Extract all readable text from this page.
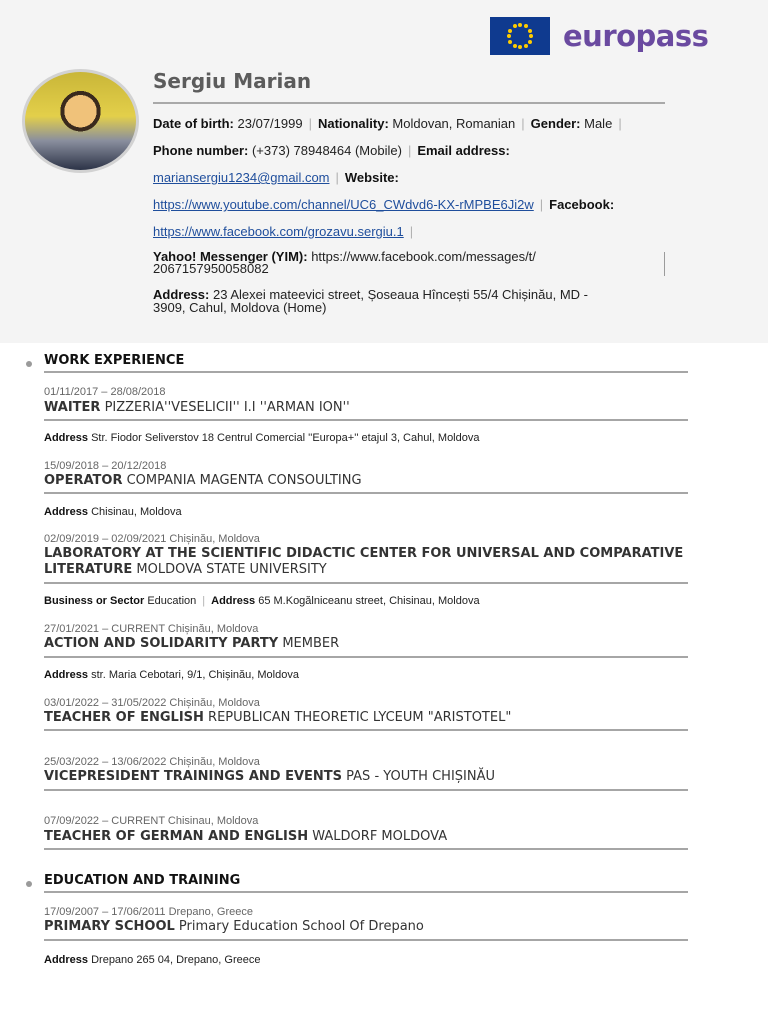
europass
Sergiu Marian
Date of birth: 23/07/1999 | Nationality: Moldovan, Romanian | Gender: Male |
Phone number: (+373) 78948464 (Mobile) | Email address:
mariansergiu1234@gmail.com | Website:
https://www.youtube.com/channel/UC6_CWdvd6-KX-rMPBE6Ji2w | Facebook:
https://www.facebook.com/grozavu.sergiu.1 |
Yahoo! Messenger (YIM): https://www.facebook.com/messages/t/
2067157950058082
Address: 23 Alexei mateevici street, Șoseaua Hîncești 55/4 Chișinău, MD -
3909, Cahul, Moldova (Home)
WORK EXPERIENCE
01/11/2017 – 28/08/2018
WAITER PIZZERIA''VESELICII'' I.I ''ARMAN ION''
Address Str. Fiodor Seliverstov 18 Centrul Comercial ''Europa+'' etajul 3, Cahul, Moldova
15/09/2018 – 20/12/2018
OPERATOR COMPANIA MAGENTA CONSOULTING
Address Chisinau, Moldova
02/09/2019 – 02/09/2021 Chișinău, Moldova
LABORATORY AT THE SCIENTIFIC DIDACTIC CENTER FOR UNIVERSAL AND COMPARATIVE
LITERATURE MOLDOVA STATE UNIVERSITY
Business or Sector Education | Address 65 M.Kogălniceanu street, Chisinau, Moldova
27/01/2021 – CURRENT Chișinău, Moldova
ACTION AND SOLIDARITY PARTY MEMBER
Address str. Maria Cebotari, 9/1, Chișinău, Moldova
03/01/2022 – 31/05/2022 Chișinău, Moldova
TEACHER OF ENGLISH REPUBLICAN THEORETIC LYCEUM "ARISTOTEL"
25/03/2022 – 13/06/2022 Chișinău, Moldova
VICEPRESIDENT TRAININGS AND EVENTS PAS - YOUTH CHIȘINĂU
07/09/2022 – CURRENT Chisinau, Moldova
TEACHER OF GERMAN AND ENGLISH WALDORF MOLDOVA
EDUCATION AND TRAINING
17/09/2007 – 17/06/2011 Drepano, Greece
PRIMARY SCHOOL Primary Education School Of Drepano
Address Drepano 265 04, Drepano, Greece
